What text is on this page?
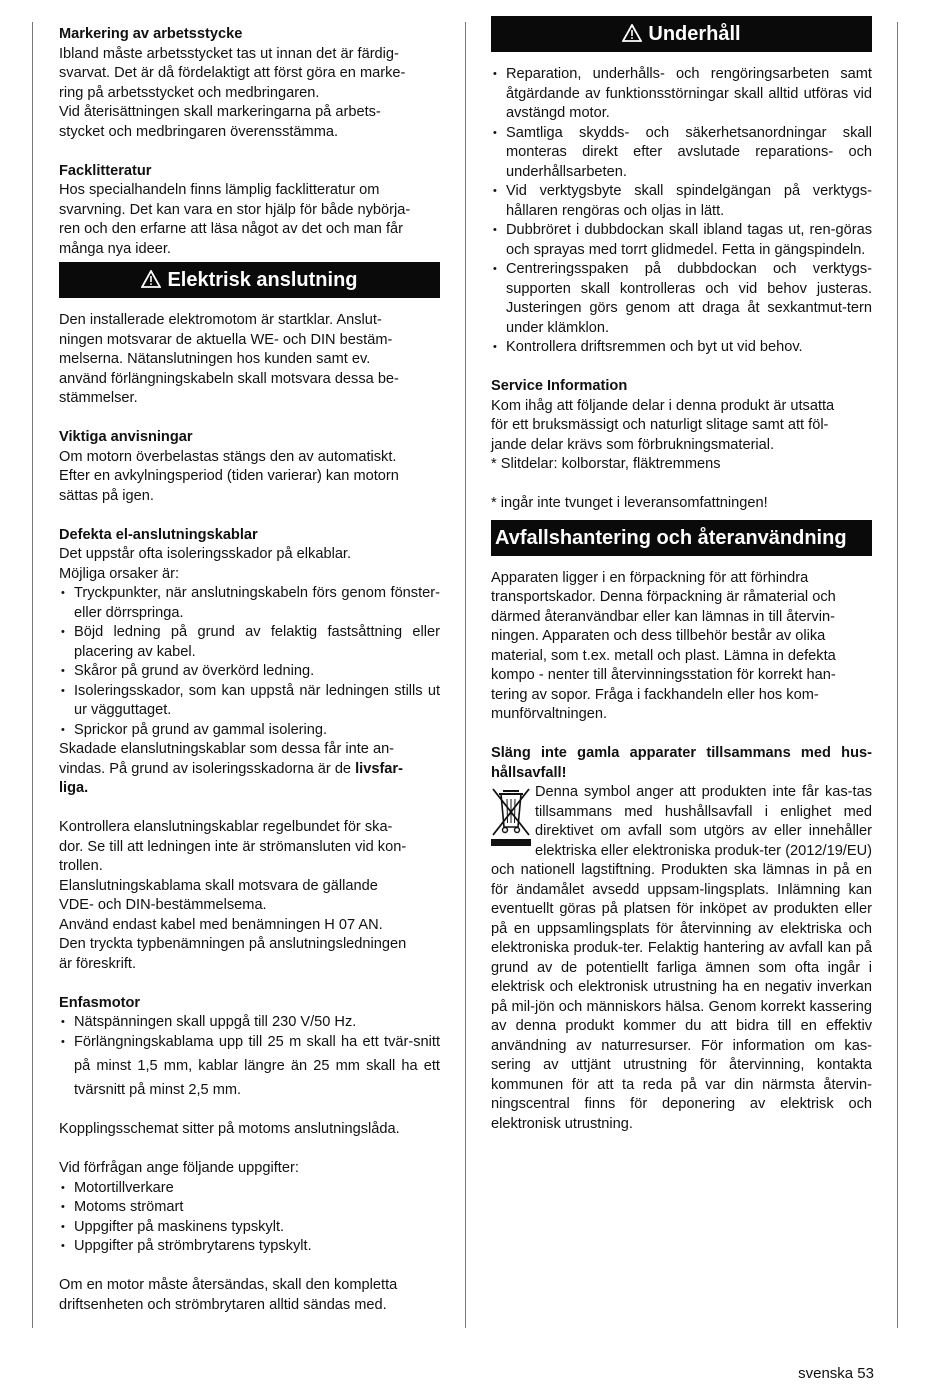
Markering av arbetsstycke

Ibland måste arbetsstycket tas ut innan det är färdig-
svarvat. Det är då fördelaktigt att först göra en marke-
ring på arbetsstycket och medbringaren.
Vid återisättningen skall markeringarna på arbets-
stycket och medbringaren överensstämma.

Facklitteratur

Hos specialhandeln finns lämplig facklitteratur om
svarvning. Det kan vara en stor hjälp för både nybörja-
ren och den erfarne att läsa något av det och man får
många nya ideer.

Elektrisk anslutning

Den installerade elektromotom är startklar. Anslut-
ningen motsvarar de aktuella WE- och DIN bestäm-
melserna. Nätanslutningen hos kunden samt ev.
använd förlängningskabeln skall motsvara dessa be-
stämmelser.

Viktiga anvisningar

Om motorn överbelastas stängs den av automatiskt.
Efter en avkylningsperiod (tiden varierar) kan motorn
sättas på igen.

Defekta el-anslutningskablar

Det uppstår ofta isoleringsskador på elkablar.
Möjliga orsaker är:

• Tryckpunkter, när anslutningskabeln förs genom fönster- eller dörrspringa.
• Böjd ledning på grund av felaktig fastsåttning eller placering av kabel.
• Skåror på grund av överkörd ledning.
• Isoleringsskador, som kan uppstå när ledningen stills ut ur vägguttaget.
• Sprickor på grund av gammal isolering.

Skadade elanslutningskablar som dessa får inte an-
vindas. På grund av isoleringsskadorna är de livsfar-
liga.

Kontrollera elanslutningskablar regelbundet för ska-
dor. Se till att ledningen inte är strömansluten vid kon-
trollen.
Elanslutningskablama skall motsvara de gällande
VDE- och DIN-bestämmelsema.
Använd endast kabel med benämningen H 07 AN.
Den tryckta typbenämningen på anslutningsledningen
är föreskrift.

Enfasmotor

• Nätspänningen skall uppgå till 230 V/50 Hz.
• Förlängningskablama upp till 25 m skall ha ett tvär-snitt på minst 1,5 mm, kablar längre än 25 mm skall ha ett tvärsnitt på minst 2,5 mm.

Kopplingsschemat sitter på motoms anslutningslåda.

Vid förfrågan ange följande uppgifter:

• Motortillverkare
• Motoms strömart
• Uppgifter på maskinens typskylt.
• Uppgifter på strömbrytarens typskylt.

Om en motor måste återsändas, skall den kompletta
driftsenheten och strömbrytaren alltid sändas med.

Underhåll
• Reparation, underhålls- och rengöringsarbeten samt åtgärdande av funktionsstörningar skall alltid utföras vid avstängd motor.
• Samtliga skydds- och säkerhetsanordningar skall monteras direkt efter avslutade reparations- och underhållsarbeten.
• Vid verktygsbyte skall spindelgängan på verktygs-hållaren rengöras och oljas in lätt.
• Dubbröret i dubbdockan skall ibland tagas ut, ren-göras och sprayas med torrt glidmedel. Fetta in gängspindeln.
• Centreringsspaken på dubbdockan och verktygs-supporten skall kontrolleras och vid behov justeras. Justeringen görs genom att draga åt sexkantmut-tern under klämklon.
• Kontrollera driftsremmen och byt ut vid behov.

Service Information

Kom ihåg att följande delar i denna produkt är utsatta
för ett bruksmässigt och naturligt slitage samt att föl-
jande delar krävs som förbrukningsmaterial.
* Slitdelar: kolborstar, fläktremmens

* ingår inte tvunget i leveransomfattningen!

Avfallshantering och återanvändning

Apparaten ligger i en förpackning för att förhindra
transportskador. Denna förpackning är råmaterial och
därmed återanvändbar eller kan lämnas in till återvin-
ningen. Apparaten och dess tillbehör består av olika
material, som t.ex. metall och plast. Lämna in defekta
kompo - nenter till återvinningsstation för korrekt han-
tering av sopor. Fråga i fackhandeln eller hos kom-
munförvaltningen.

Släng inte gamla apparater tillsammans med hus-hållsavfall!

Denna symbol anger att produkten inte får kas-tas tillsammans med hushållsavfall i enlighet med direktivet om avfall som utgörs av eller innehåller elektriska eller elektroniska produk-ter (2012/19/EU) och nationell lagstiftning. Produkten ska lämnas in på en för ändamålet avsedd uppsam-lingsplats. Inlämning kan eventuellt göras på platsen för inköpet av produkten eller på en uppsamlingsplats för återvinning av elektriska och elektroniska produk-ter. Felaktig hantering av avfall kan på grund av de potentiellt farliga ämnen som ofta ingår i elektrisk och elektronisk utrustning ha en negativ inverkan på mil-jön och människors hälsa. Genom korrekt kassering av denna produkt kommer du att bidra till en effektiv användning av naturresurser. För information om kas-sering av uttjänt utrustning för återvinning, kontakta kommunen för att ta reda på var din närmsta återvin-ningscentral finns för deponering av elektrisk och elektronisk utrustning.

svenska 53
